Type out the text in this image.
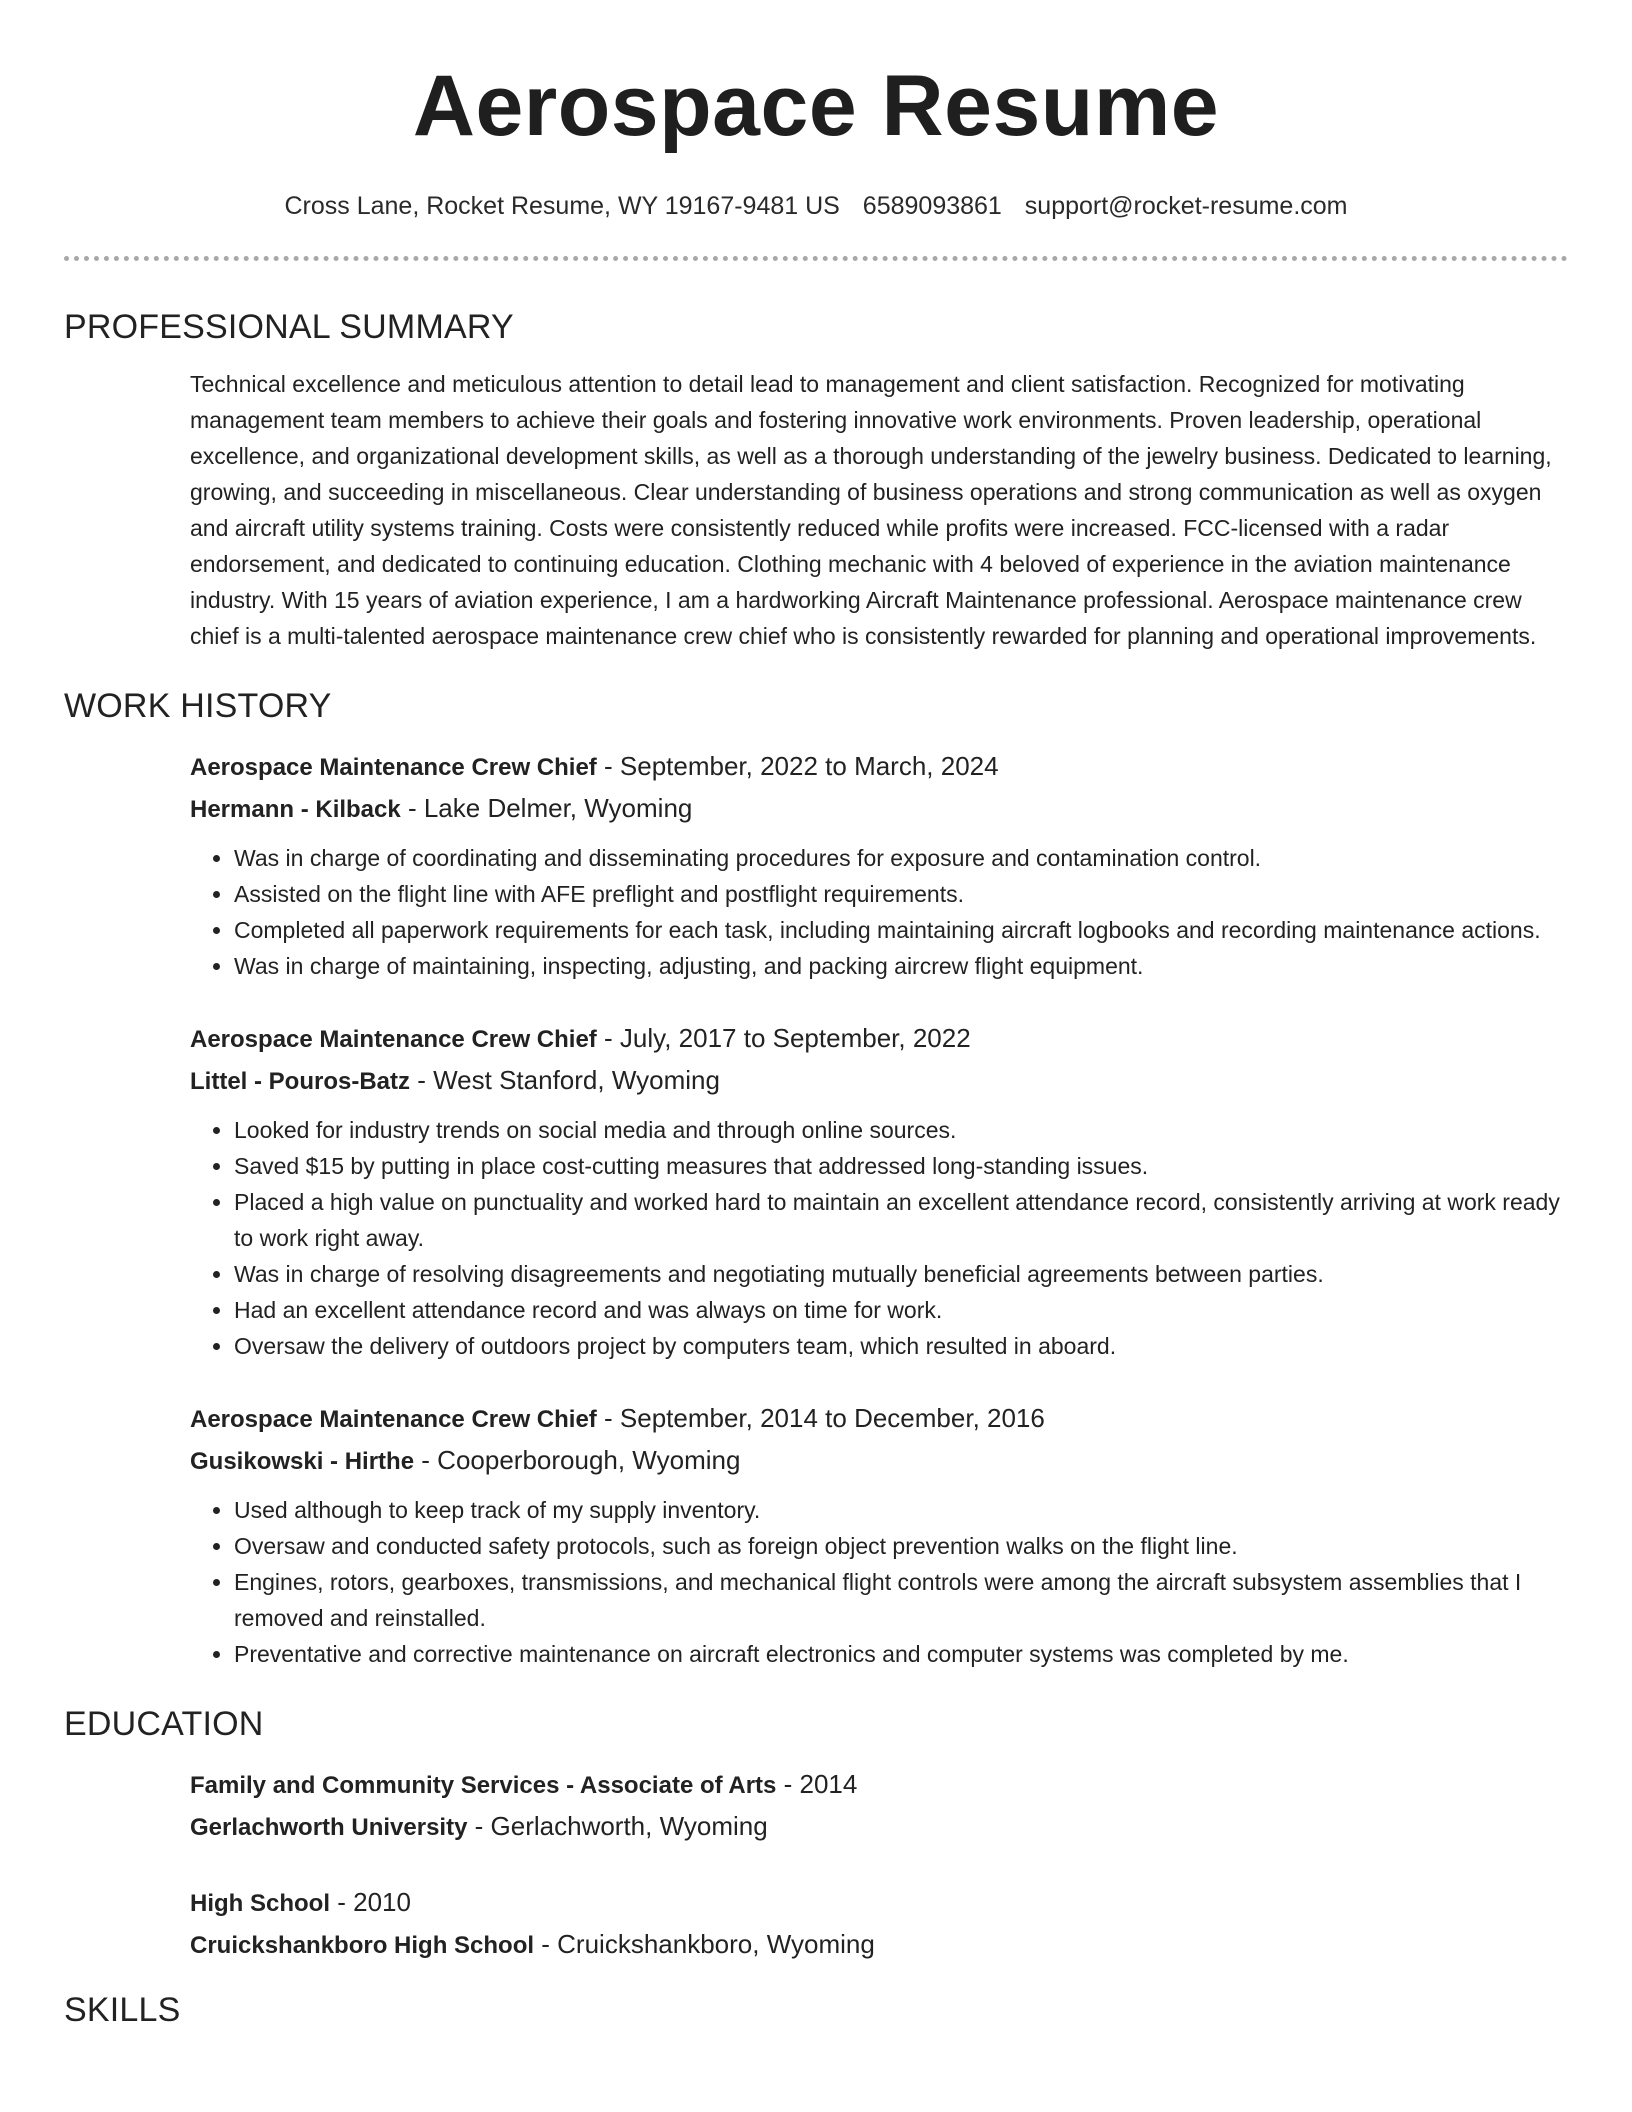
Aerospace Resume
Cross Lane, Rocket Resume, WY 19167-9481 US 6589093861 support@rocket-resume.com
PROFESSIONAL SUMMARY

Technical excellence and meticulous attention to detail lead to management and client satisfaction. Recognized for motivating management team members to achieve their goals and fostering innovative work environments. Proven leadership, operational excellence, and organizational development skills, as well as a thorough understanding of the jewelry business. Dedicated to learning, growing, and succeeding in miscellaneous. Clear understanding of business operations and strong communication as well as oxygen and aircraft utility systems training. Costs were consistently reduced while profits were increased. FCC-licensed with a radar endorsement, and dedicated to continuing education. Clothing mechanic with 4 beloved of experience in the aviation maintenance industry. With 15 years of aviation experience, I am a hardworking Aircraft Maintenance professional. Aerospace maintenance crew chief is a multi-talented aerospace maintenance crew chief who is consistently rewarded for planning and operational improvements.

WORK HISTORY
Aerospace Maintenance Crew Chief - September, 2022 to March, 2024
Hermann - Kilback - Lake Delmer, Wyoming
• Was in charge of coordinating and disseminating procedures for exposure and contamination control.
• Assisted on the flight line with AFE preflight and postflight requirements.
• Completed all paperwork requirements for each task, including maintaining aircraft logbooks and recording maintenance actions.
• Was in charge of maintaining, inspecting, adjusting, and packing aircrew flight equipment.
Aerospace Maintenance Crew Chief - July, 2017 to September, 2022
Littel - Pouros-Batz - West Stanford, Wyoming
• Looked for industry trends on social media and through online sources.
• Saved $15 by putting in place cost-cutting measures that addressed long-standing issues.
• Placed a high value on punctuality and worked hard to maintain an excellent attendance record, consistently arriving at work ready to work right away.
• Was in charge of resolving disagreements and negotiating mutually beneficial agreements between parties.
• Had an excellent attendance record and was always on time for work.
• Oversaw the delivery of outdoors project by computers team, which resulted in aboard.
Aerospace Maintenance Crew Chief - September, 2014 to December, 2016
Gusikowski - Hirthe - Cooperborough, Wyoming
• Used although to keep track of my supply inventory.
• Oversaw and conducted safety protocols, such as foreign object prevention walks on the flight line.
• Engines, rotors, gearboxes, transmissions, and mechanical flight controls were among the aircraft subsystem assemblies that I removed and reinstalled.
• Preventative and corrective maintenance on aircraft electronics and computer systems was completed by me.
EDUCATION
Family and Community Services - Associate of Arts - 2014
Gerlachworth University - Gerlachworth, Wyoming
High School - 2010
Cruickshankboro High School - Cruickshankboro, Wyoming
SKILLS
